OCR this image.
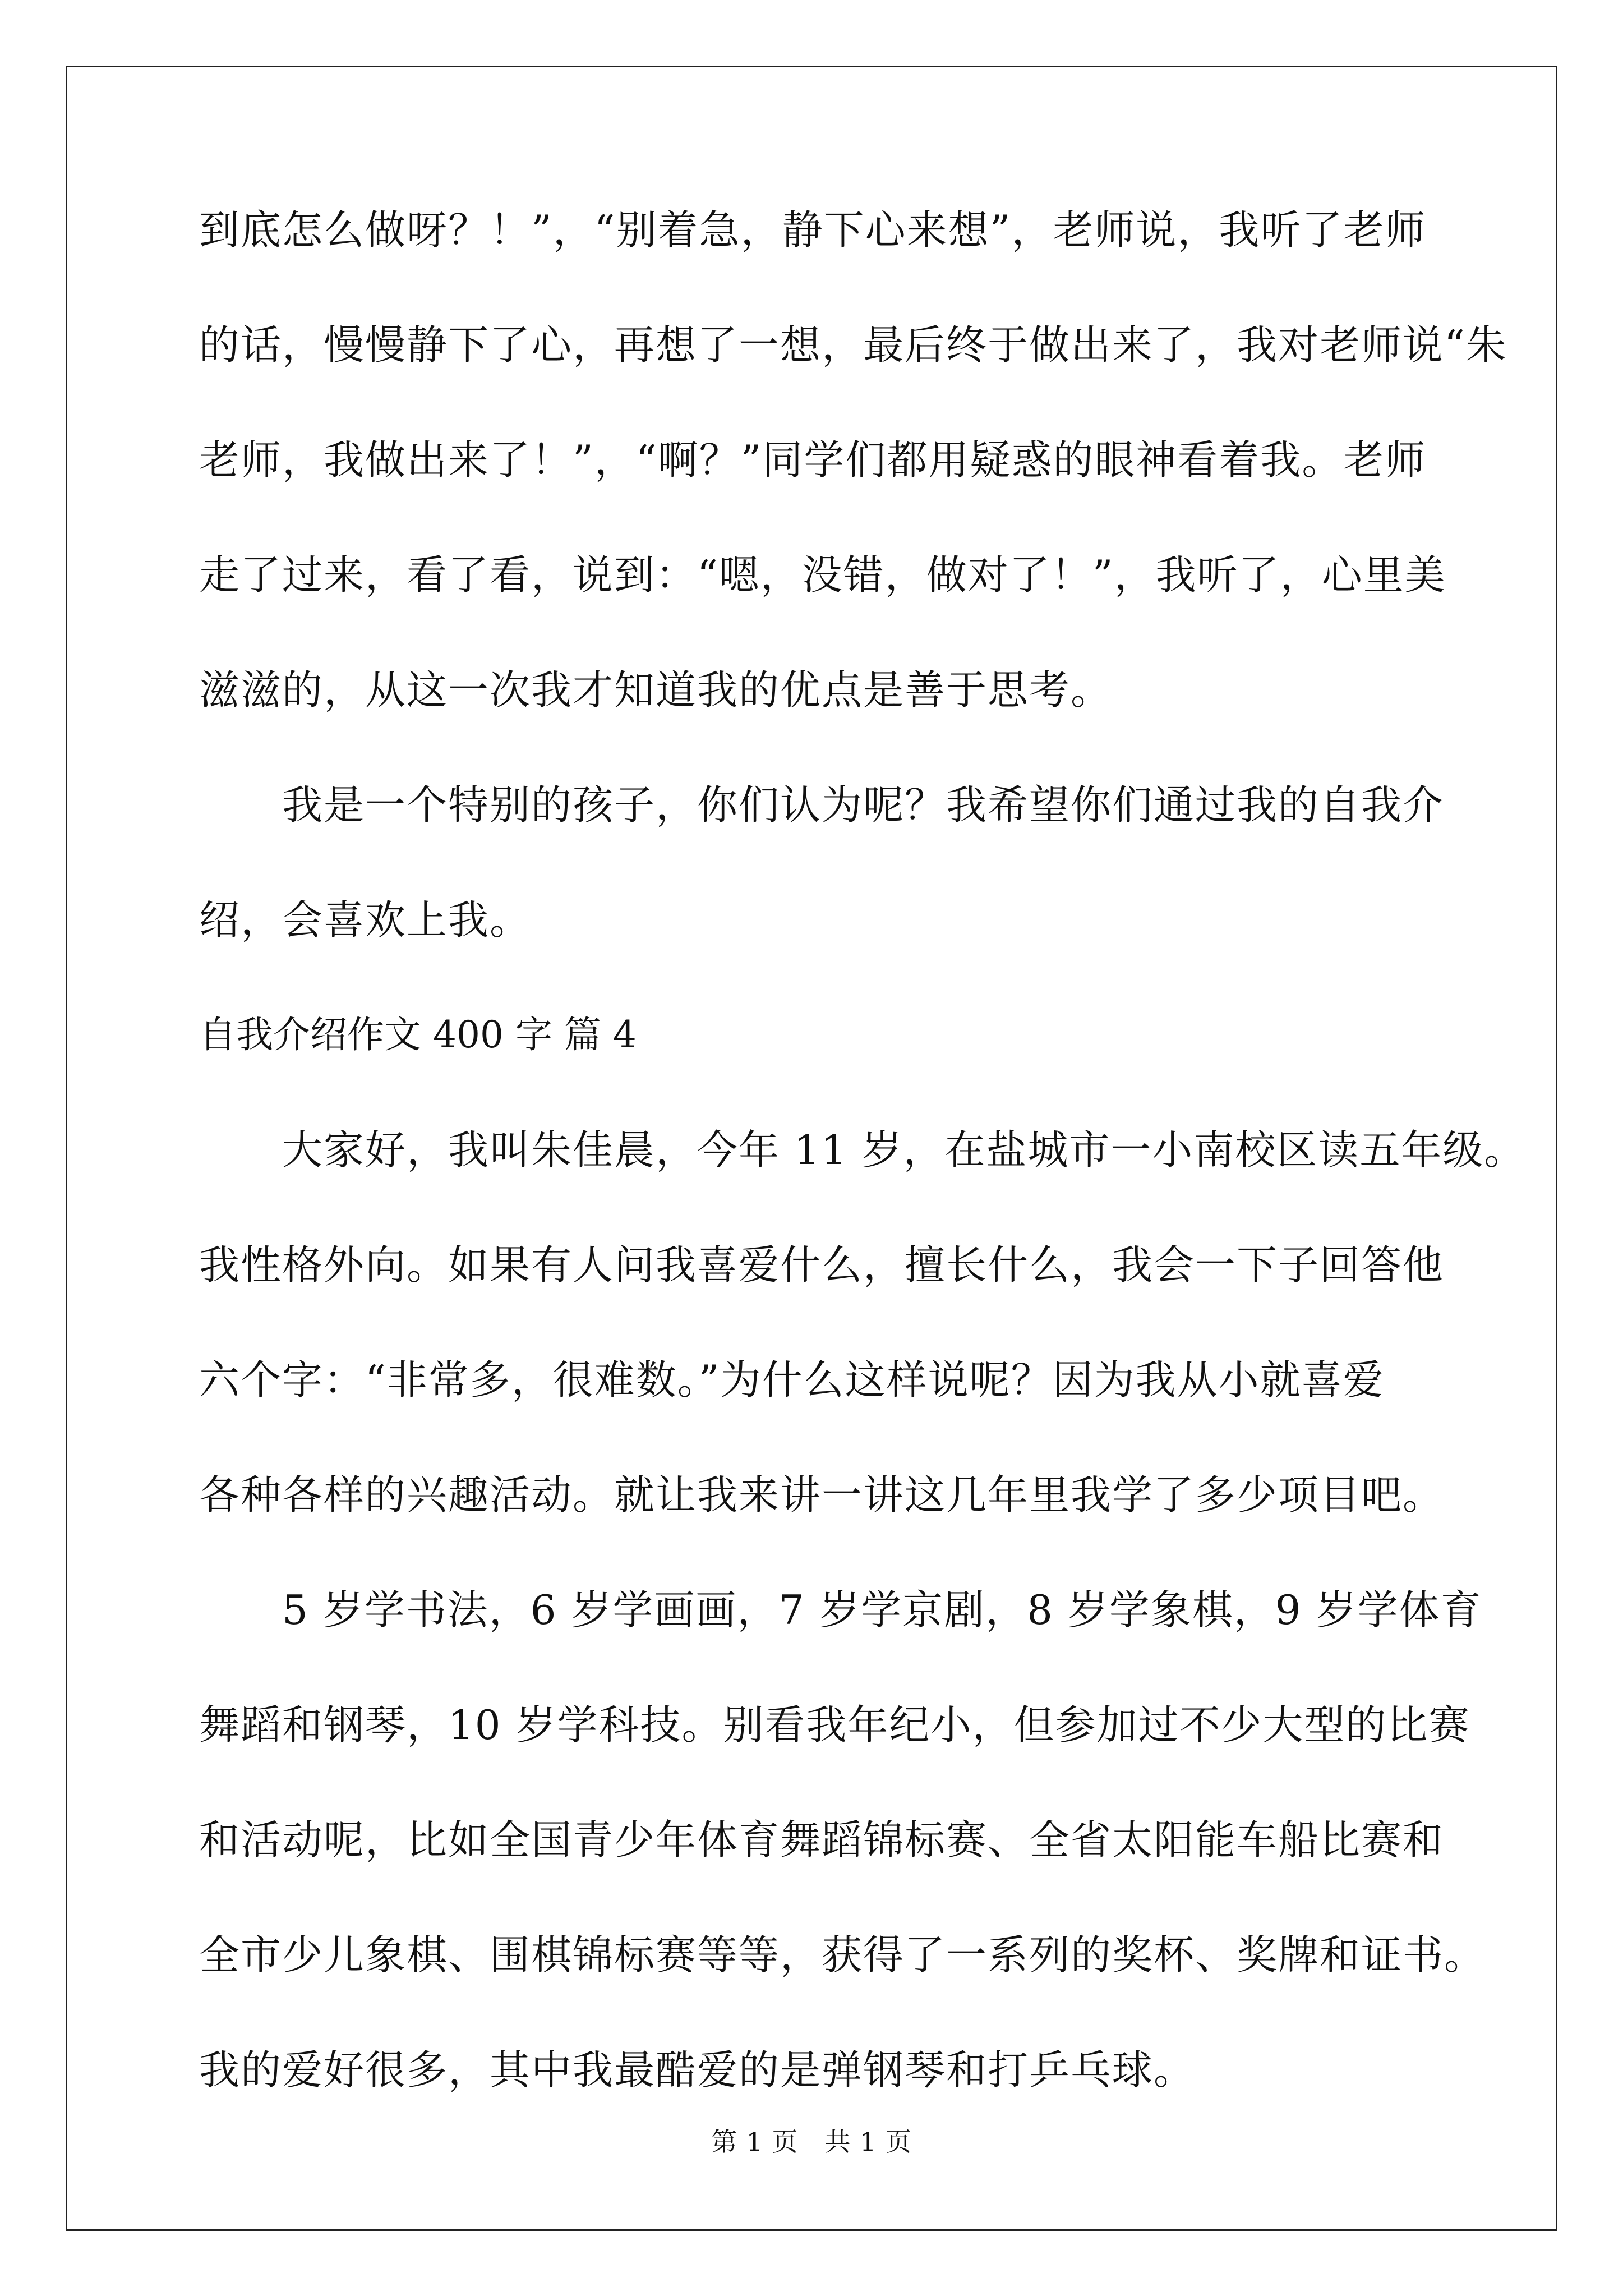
到底怎么做呀？！”，“别着急，静下心来想”，老师说，我听了老师
的话，慢慢静下了心，再想了一想，最后终于做出来了，我对老师说“朱
老师，我做出来了！”，“啊？”同学们都用疑惑的眼神看着我。老师
走了过来，看了看，说到：“嗯，没错，做对了！”，我听了，心里美
滋滋的，从这一次我才知道我的优点是善于思考。
我是一个特别的孩子，你们认为呢？我希望你们通过我的自我介
绍，会喜欢上我。
自我介绍作文 400 字 篇 4
大家好，我叫朱佳晨，今年 11 岁，在盐城市一小南校区读五年级。
我性格外向。如果有人问我喜爱什么，擅长什么，我会一下子回答他
六个字：“非常多，很难数。”为什么这样说呢？因为我从小就喜爱
各种各样的兴趣活动。就让我来讲一讲这几年里我学了多少项目吧。
5 岁学书法，6 岁学画画，7 岁学京剧，8 岁学象棋，9 岁学体育
舞蹈和钢琴，10 岁学科技。别看我年纪小，但参加过不少大型的比赛
和活动呢，比如全国青少年体育舞蹈锦标赛、全省太阳能车船比赛和
全市少儿象棋、围棋锦标赛等等，获得了一系列的奖杯、奖牌和证书。
我的爱好很多，其中我最酷爱的是弹钢琴和打乒乓球。
第 1 页　共 1 页
